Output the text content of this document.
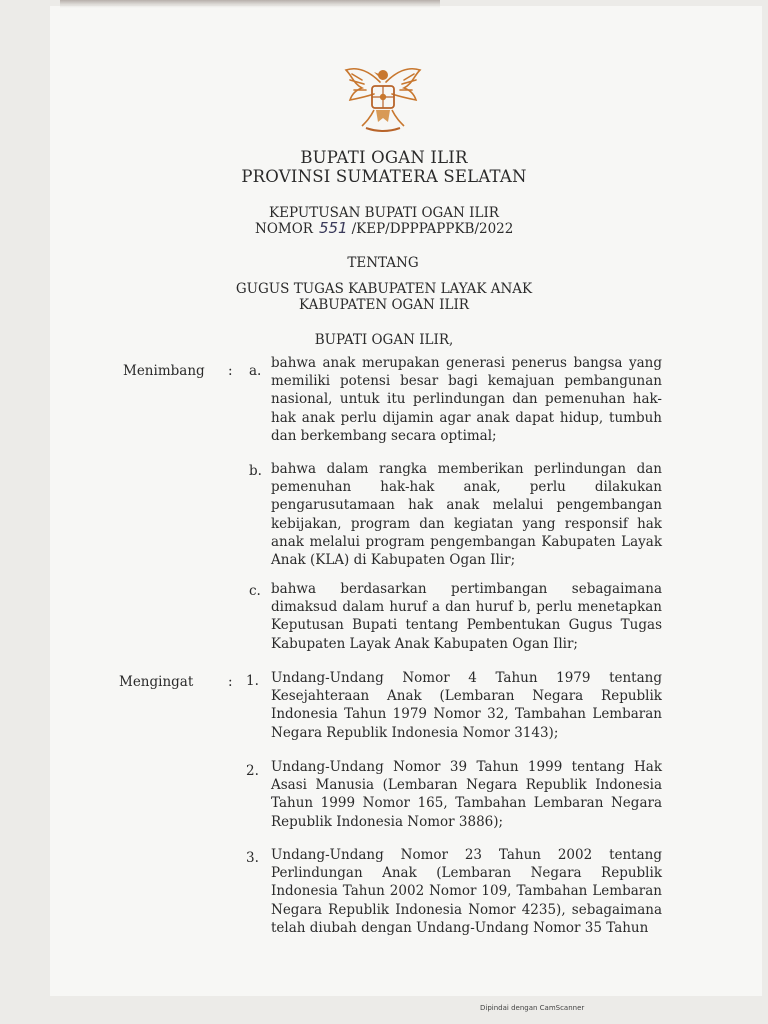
BUPATI OGAN ILIR
PROVINSI SUMATERA SELATAN
KEPUTUSAN BUPATI OGAN ILIR
NOMOR 551 /KEP/DPPPAPPKB/2022
TENTANG
GUGUS TUGAS KABUPATEN LAYAK ANAK
KABUPATEN OGAN ILIR
BUPATI OGAN ILIR,
Menimbang : a. bahwa anak merupakan generasi penerus bangsa yang memiliki potensi besar bagi kemajuan pembangunan nasional, untuk itu perlindungan dan pemenuhan hak-hak anak perlu dijamin agar anak dapat hidup, tumbuh dan berkembang secara optimal;
b. bahwa dalam rangka memberikan perlindungan dan pemenuhan hak-hak anak, perlu dilakukan pengarusutamaan hak anak melalui pengembangan kebijakan, program dan kegiatan yang responsif hak anak melalui program pengembangan Kabupaten Layak Anak (KLA) di Kabupaten Ogan Ilir;
c. bahwa berdasarkan pertimbangan sebagaimana dimaksud dalam huruf a dan huruf b, perlu menetapkan Keputusan Bupati tentang Pembentukan Gugus Tugas Kabupaten Layak Anak Kabupaten Ogan Ilir;
Mengingat	: 1. Undang-Undang Nomor 4 Tahun 1979 tentang Kesejahteraan Anak (Lembaran Negara Republik Indonesia Tahun 1979 Nomor 32, Tambahan Lembaran Negara Republik Indonesia Nomor 3143);
2. Undang-Undang Nomor 39 Tahun 1999 tentang Hak Asasi Manusia (Lembaran Negara Republik Indonesia Tahun 1999 Nomor 165, Tambahan Lembaran Negara Republik Indonesia Nomor 3886);
3. Undang-Undang Nomor 23 Tahun 2002 tentang Perlindungan Anak (Lembaran Negara Republik Indonesia Tahun 2002 Nomor 109, Tambahan Lembaran Negara Republik Indonesia Nomor 4235), sebagaimana telah diubah dengan Undang-Undang Nomor 35 Tahun
Dipindai dengan CamScanner
